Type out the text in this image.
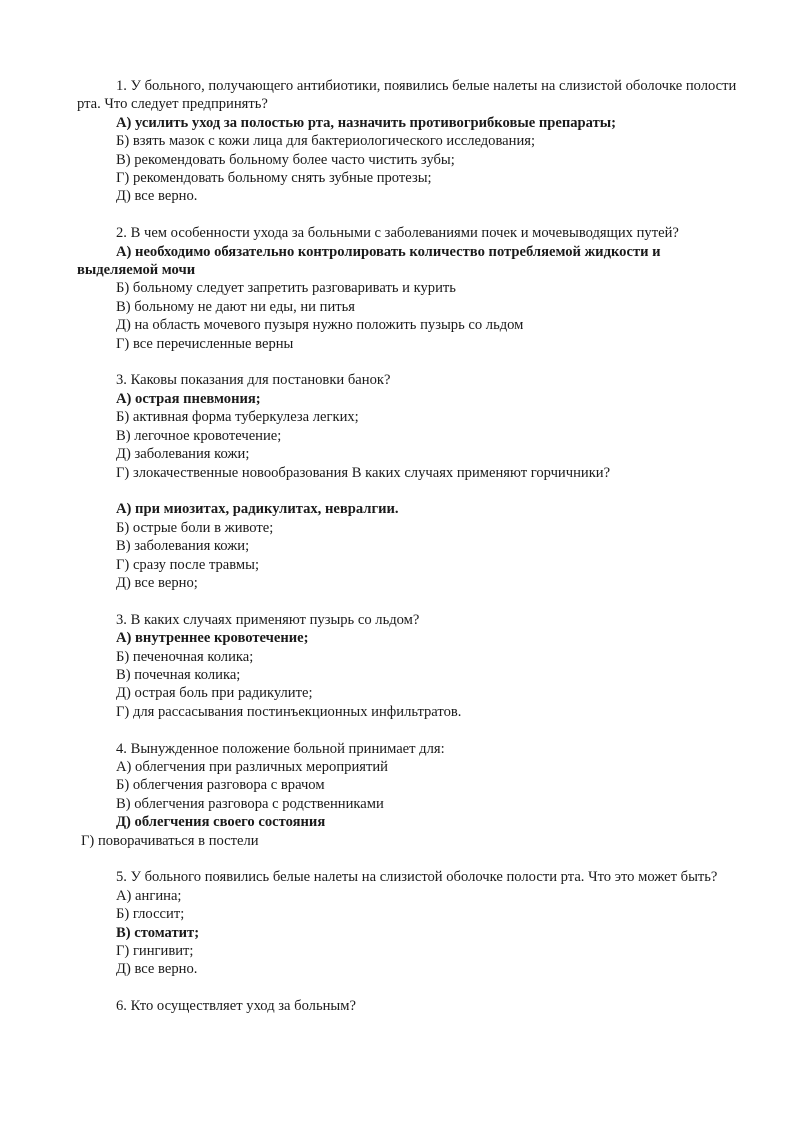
1. У больного, получающего антибиотики, появились белые налеты на слизистой оболочке полости рта. Что следует предпринять?
А) усилить уход за полостью рта, назначить противогрибковые препараты;
Б) взять мазок с кожи лица для бактериологического исследования;
В) рекомендовать больному более часто чистить зубы;
Г) рекомендовать больному снять зубные протезы;
Д) все верно.
2. В чем особенности ухода за больными с заболеваниями почек и мочевыводящих путей?
А) необходимо обязательно контролировать количество потребляемой жидкости и выделяемой мочи
Б) больному следует запретить разговаривать и курить
В) больному не дают ни еды, ни питья
Д) на область мочевого пузыря нужно положить пузырь со льдом
Г) все перечисленные верны
3. Каковы показания для постановки банок?
А) острая пневмония;
Б) активная форма туберкулеза легких;
В) легочное кровотечение;
Д) заболевания кожи;
Г) злокачественные новообразования В каких случаях применяют горчичники?
А) при миозитах, радикулитах, невралгии.
Б) острые боли в животе;
В) заболевания кожи;
Г) сразу после травмы;
Д) все верно;
3. В каких случаях применяют пузырь со льдом?
А) внутреннее кровотечение;
Б) печеночная колика;
В) почечная колика;
Д) острая боль при радикулите;
Г) для рассасывания постинъекционных инфильтратов.
4. Вынужденное положение больной принимает для:
А) облегчения при различных мероприятий
Б) облегчения разговора с врачом
В) облегчения разговора с родственниками
Д) облегчения своего состояния
Г) поворачиваться в постели
5. У больного появились белые налеты на слизистой оболочке полости рта. Что это может быть?
А) ангина;
Б) глоссит;
В) стоматит;
Г) гингивит;
Д) все верно.
6. Кто осуществляет уход за больным?
